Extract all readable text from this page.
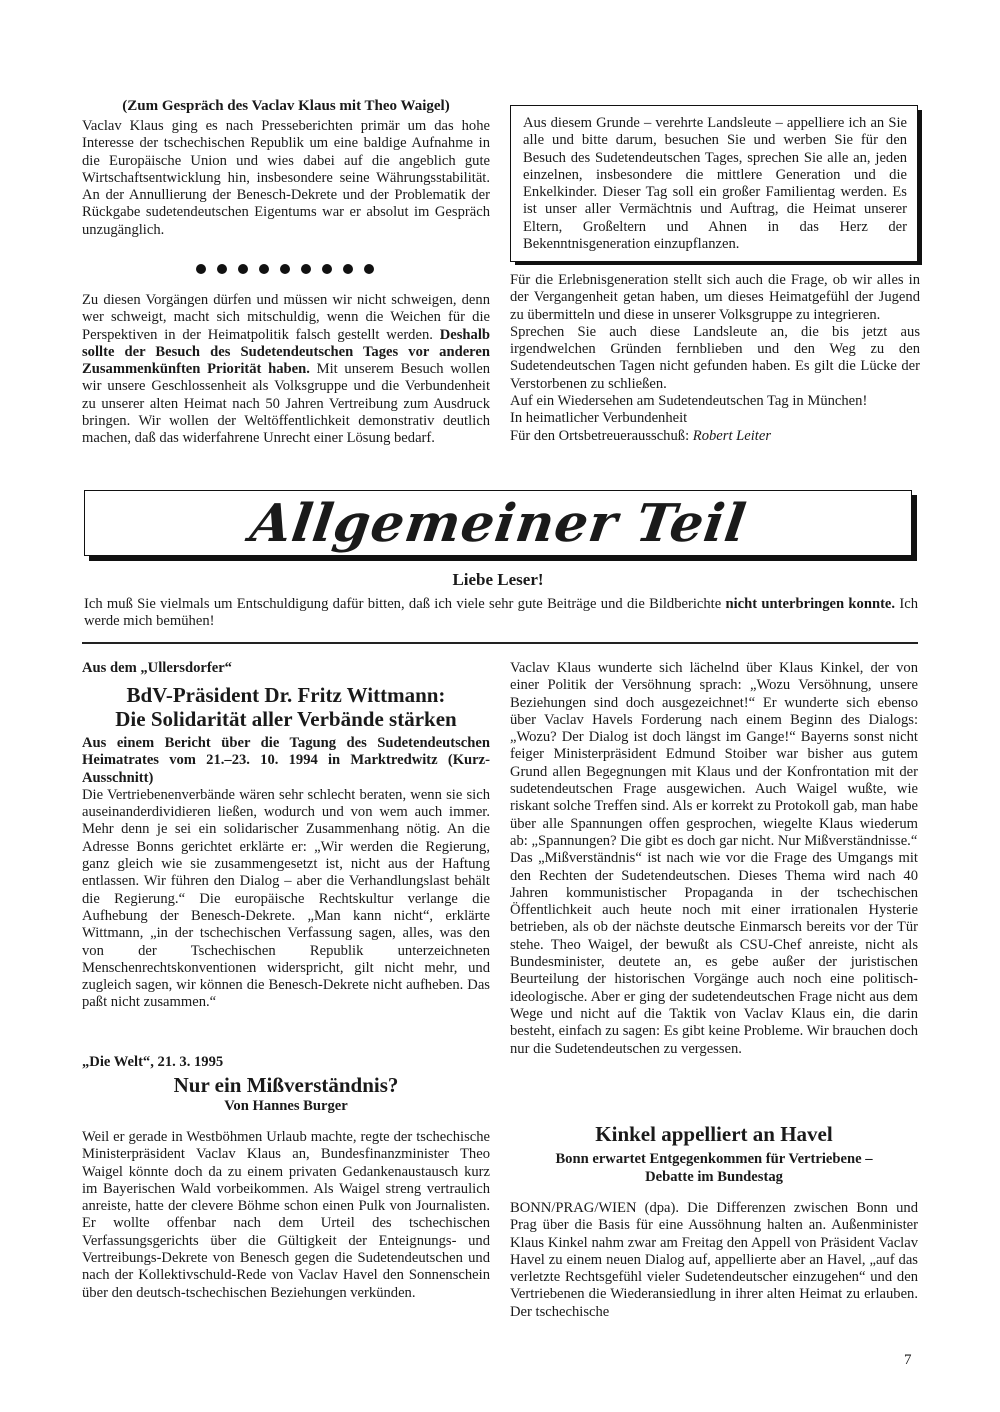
(Zum Gespräch des Vaclav Klaus mit Theo Waigel)

Vaclav Klaus ging es nach Presseberichten primär um das hohe Interesse der tschechischen Republik um eine baldige Aufnahme in die Europäische Union und wies dabei auf die angeblich gute Wirtschaftsentwicklung hin, insbesondere seine Währungsstabilität. An der Annullierung der Benesch-Dekrete und der Problematik der Rückgabe sudetendeutschen Eigentums war er absolut im Gespräch unzugänglich.

Zu diesen Vorgängen dürfen und müssen wir nicht schweigen, denn wer schweigt, macht sich mitschuldig, wenn die Weichen für die Perspektiven in der Heimatpolitik falsch gestellt werden. Deshalb sollte der Besuch des Sudetendeutschen Tages vor anderen Zusammenkünften Priorität haben. Mit unserem Besuch wollen wir unsere Geschlossenheit als Volksgruppe und die Verbundenheit zu unserer alten Heimat nach 50 Jahren Vertreibung zum Ausdruck bringen. Wir wollen der Weltöffentlichkeit demonstrativ deutlich machen, daß das widerfahrene Unrecht einer Lösung bedarf.

Aus diesem Grunde – verehrte Landsleute – appelliere ich an Sie alle und bitte darum, besuchen Sie und werben Sie für den Besuch des Sudetendeutschen Tages, sprechen Sie alle an, jeden einzelnen, insbesondere die mittlere Generation und die Enkelkinder. Dieser Tag soll ein großer Familientag werden. Es ist unser aller Vermächtnis und Auftrag, die Heimat unserer Eltern, Großeltern und Ahnen in das Herz der Bekenntnisgeneration einzupflanzen.

Für die Erlebnisgeneration stellt sich auch die Frage, ob wir alles in der Vergangenheit getan haben, um dieses Heimatgefühl der Jugend zu übermitteln und diese in unserer Volksgruppe zu integrieren.

Sprechen Sie auch diese Landsleute an, die bis jetzt aus irgendwelchen Gründen fernblieben und den Weg zu den Sudetendeutschen Tagen nicht gefunden haben. Es gilt die Lücke der Verstorbenen zu schließen.

Auf ein Wiedersehen am Sudetendeutschen Tag in München!

In heimatlicher Verbundenheit

Für den Ortsbetreuerausschuß: Robert Leiter

Allgemeiner Teil
Liebe Leser!

Ich muß Sie vielmals um Entschuldigung dafür bitten, daß ich viele sehr gute Beiträge und die Bildberichte nicht unterbringen konnte. Ich werde mich bemühen!

Aus dem „Ullersdorfer“
BdV-Präsident Dr. Fritz Wittmann:
Die Solidarität aller Verbände stärken

Aus einem Bericht über die Tagung des Sudetendeutschen Heimatrates vom 21.–23. 10. 1994 in Marktredwitz (Kurz-Ausschnitt)

Die Vertriebenenverbände wären sehr schlecht beraten, wenn sie sich auseinanderdividieren ließen, wodurch und von wem auch immer. Mehr denn je sei ein solidarischer Zusammenhang nötig. An die Adresse Bonns gerichtet erklärte er: „Wir werden die Regierung, ganz gleich wie sie zusammengesetzt ist, nicht aus der Haftung entlassen. Wir führen den Dialog – aber die Verhandlungslast behält die Regierung.“ Die europäische Rechtskultur verlange die Aufhebung der Benesch-Dekrete. „Man kann nicht“, erklärte Wittmann, „in der tschechischen Verfassung sagen, alles, was den von der Tschechischen Republik unterzeichneten Menschenrechtskonventionen widerspricht, gilt nicht mehr, und zugleich sagen, wir können die Benesch-Dekrete nicht aufheben. Das paßt nicht zusammen.“

„Die Welt“, 21. 3. 1995
Nur ein Mißverständnis?
Von Hannes Burger

Weil er gerade in Westböhmen Urlaub machte, regte der tschechische Ministerpräsident Vaclav Klaus an, Bundesfinanzminister Theo Waigel könnte doch da zu einem privaten Gedankenaustausch kurz im Bayerischen Wald vorbeikommen. Als Waigel streng vertraulich anreiste, hatte der clevere Böhme schon einen Pulk von Journalisten. Er wollte offenbar nach dem Urteil des tschechischen Verfassungsgerichts über die Gültigkeit der Enteignungs- und Vertreibungs-Dekrete von Benesch gegen die Sudetendeutschen und nach der Kollektivschuld-Rede von Vaclav Havel den Sonnenschein über den deutsch-tschechischen Beziehungen verkünden.

Vaclav Klaus wunderte sich lächelnd über Klaus Kinkel, der von einer Politik der Versöhnung sprach: „Wozu Versöhnung, unsere Beziehungen sind doch ausgezeichnet!“ Er wunderte sich ebenso über Vaclav Havels Forderung nach einem Beginn des Dialogs: „Wozu? Der Dialog ist doch längst im Gange!“ Bayerns sonst nicht feiger Ministerpräsident Edmund Stoiber war bisher aus gutem Grund allen Begegnungen mit Klaus und der Konfrontation mit der sudetendeutschen Frage ausgewichen. Auch Waigel wußte, wie riskant solche Treffen sind. Als er korrekt zu Protokoll gab, man habe über alle Spannungen offen gesprochen, wiegelte Klaus wiederum ab: „Spannungen? Die gibt es doch gar nicht. Nur Mißverständnisse.“

Das „Mißverständnis“ ist nach wie vor die Frage des Umgangs mit den Rechten der Sudetendeutschen. Dieses Thema wird nach 40 Jahren kommunistischer Propaganda in der tschechischen Öffentlichkeit auch heute noch mit einer irrationalen Hysterie betrieben, als ob der nächste deutsche Einmarsch bereits vor der Tür stehe. Theo Waigel, der bewußt als CSU-Chef anreiste, nicht als Bundesminister, deutete an, es gebe außer der juristischen Beurteilung der historischen Vorgänge auch noch eine politisch-ideologische. Aber er ging der sudetendeutschen Frage nicht aus dem Wege und nicht auf die Taktik von Vaclav Klaus ein, die darin besteht, einfach zu sagen: Es gibt keine Probleme. Wir brauchen doch nur die Sudetendeutschen zu vergessen.

Kinkel appelliert an Havel
Bonn erwartet Entgegenkommen für Vertriebene –
Debatte im Bundestag

BONN/PRAG/WIEN (dpa). Die Differenzen zwischen Bonn und Prag über die Basis für eine Aussöhnung halten an. Außenminister Klaus Kinkel nahm zwar am Freitag den Appell von Präsident Vaclav Havel zu einem neuen Dialog auf, appellierte aber an Havel, „auf das verletzte Rechtsgefühl vieler Sudetendeutscher einzugehen“ und den Vertriebenen die Wiederansiedlung in ihrer alten Heimat zu erlauben. Der tschechische

7
